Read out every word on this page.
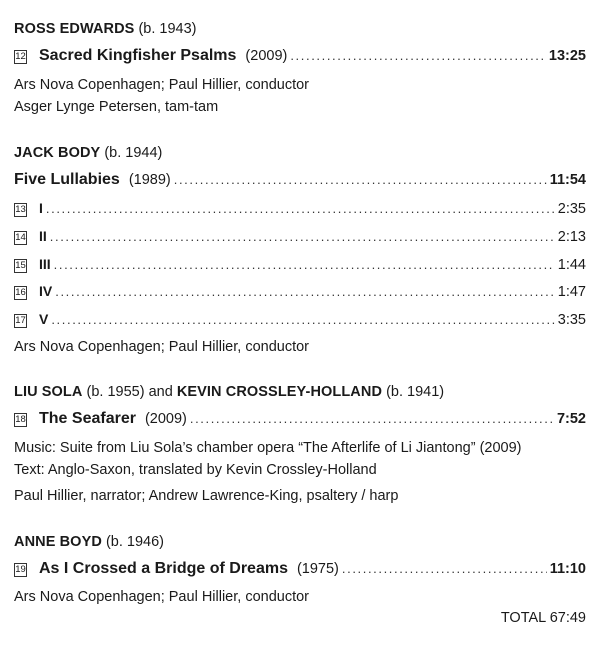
ROSS EDWARDS (b. 1943)
12 Sacred Kingfisher Psalms (2009) .....	13:25
Ars Nova Copenhagen; Paul Hillier, conductor
Asger Lynge Petersen, tam-tam
JACK BODY (b. 1944)
Five Lullabies (1989) .....	11:54
13 I .....	2:35
14 II .....	2:13
15 III .....	1:44
16 IV .....	1:47
17 V .....	3:35
Ars Nova Copenhagen; Paul Hillier, conductor
LIU SOLA (b. 1955) and KEVIN CROSSLEY-HOLLAND (b. 1941)
18 The Seafarer (2009) .....	7:52
Music: Suite from Liu Sola’s chamber opera “The Afterlife of Li Jiantong” (2009)
Text: Anglo-Saxon, translated by Kevin Crossley-Holland
Paul Hillier, narrator; Andrew Lawrence-King, psaltery / harp
ANNE BOYD (b. 1946)
19 As I Crossed a Bridge of Dreams (1975) .....	11:10
Ars Nova Copenhagen; Paul Hillier, conductor
TOTAL 67:49
